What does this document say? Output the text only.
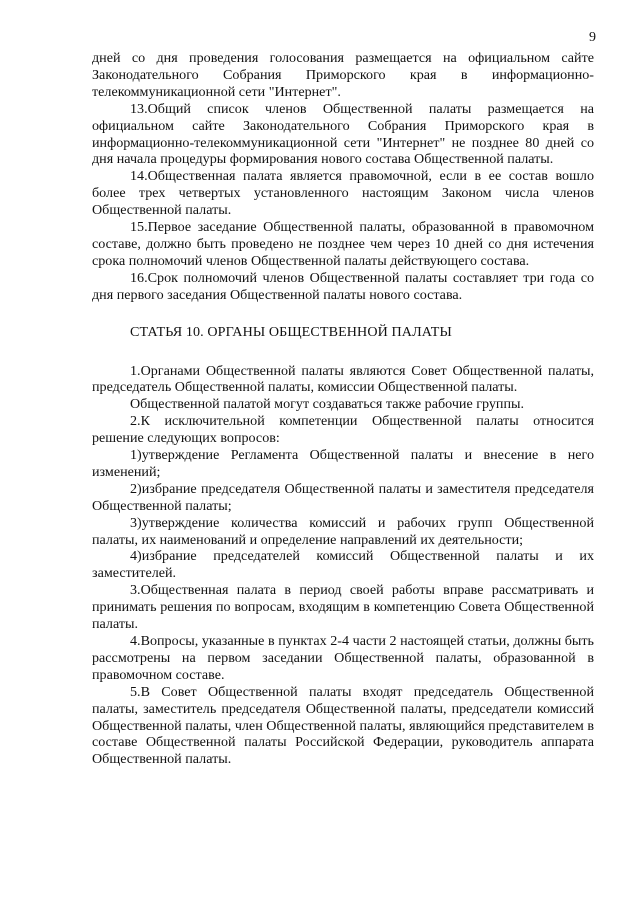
9

дней со дня проведения голосования размещается на официальном сайте Законодательного Собрания Приморского края в информационно-телекоммуникационной сети "Интернет".

13.Общий список членов Общественной палаты размещается на официальном сайте Законодательного Собрания Приморского края в информационно-телекоммуникационной сети "Интернет" не позднее 80 дней со дня начала процедуры формирования нового состава Общественной палаты.

14.Общественная палата является правомочной, если в ее состав вошло более трех четвертых установленного настоящим Законом числа членов Общественной палаты.

15.Первое заседание Общественной палаты, образованной в правомочном составе, должно быть проведено не позднее чем через 10 дней со дня истечения срока полномочий членов Общественной палаты действующего состава.

16.Срок полномочий членов Общественной палаты составляет три года со дня первого заседания Общественной палаты нового состава.

СТАТЬЯ 10. ОРГАНЫ ОБЩЕСТВЕННОЙ ПАЛАТЫ

1.Органами Общественной палаты являются Совет Общественной палаты, председатель Общественной палаты, комиссии Общественной палаты.

Общественной палатой могут создаваться также рабочие группы.

2.К исключительной компетенции Общественной палаты относится решение следующих вопросов:

1)утверждение Регламента Общественной палаты и внесение в него изменений;

2)избрание председателя Общественной палаты и заместителя председателя Общественной палаты;

3)утверждение количества комиссий и рабочих групп Общественной палаты, их наименований и определение направлений их деятельности;

4)избрание председателей комиссий Общественной палаты и их заместителей.

3.Общественная палата в период своей работы вправе рассматривать и принимать решения по вопросам, входящим в компетенцию Совета Общественной палаты.

4.Вопросы, указанные в пунктах 2-4 части 2 настоящей статьи, должны быть рассмотрены на первом заседании Общественной палаты, образованной в правомочном составе.

5.В Совет Общественной палаты входят председатель Общественной палаты, заместитель председателя Общественной палаты, председатели комиссий Общественной палаты, член Общественной палаты, являющийся представителем в составе Общественной палаты Российской Федерации, руководитель аппарата Общественной палаты.
